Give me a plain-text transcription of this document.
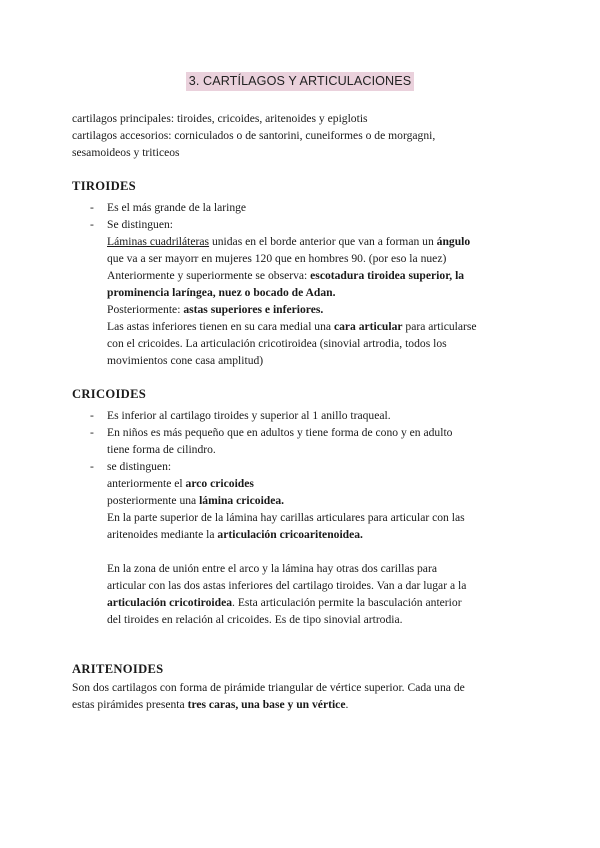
3. CARTÍLAGOS Y ARTICULACIONES

cartilagos principales: tiroides, cricoides, aritenoides y epiglotis

cartilagos accesorios: corniculados o de santorini, cuneiformes o de morgagni,

sesamoideos y triticeos

TIROIDES
- Es el más grande de la laringe
- Se distinguen:
Láminas cuadriláteras unidas en el borde anterior que van a forman un ángulo
que va a ser mayorr en mujeres 120 que en hombres 90. (por eso la nuez)
Anteriormente y superiormente se observa: escotadura tiroidea superior, la
prominencia laríngea, nuez o bocado de Adan.
Posteriormente: astas superiores e inferiores.
Las astas inferiores tienen en su cara medial una cara articular para articularse
con el cricoides. La articulación cricotiroidea (sinovial artrodia, todos los
movimientos cone casa amplitud)
CRICOIDES
- Es inferior al cartilago tiroides y superior al 1 anillo traqueal.
- En niños es más pequeño que en adultos y tiene forma de cono y en adulto
tiene forma de cilindro.
- se distinguen:
anteriormente el arco cricoides
posteriormente una lámina cricoidea.
En la parte superior de la lámina hay carillas articulares para articular con las
aritenoides mediante la articulación cricoaritenoidea.
En la zona de unión entre el arco y la lámina hay otras dos carillas para
articular con las dos astas inferiores del cartilago tiroides. Van a dar lugar a la
articulación cricotiroidea. Esta articulación permite la basculación anterior
del tiroides en relación al cricoides. Es de tipo sinovial artrodia.
ARITENOIDES
Son dos cartilagos con forma de pirámide triangular de vértice superior. Cada una de
estas pirámides presenta tres caras, una base y un vértice.
